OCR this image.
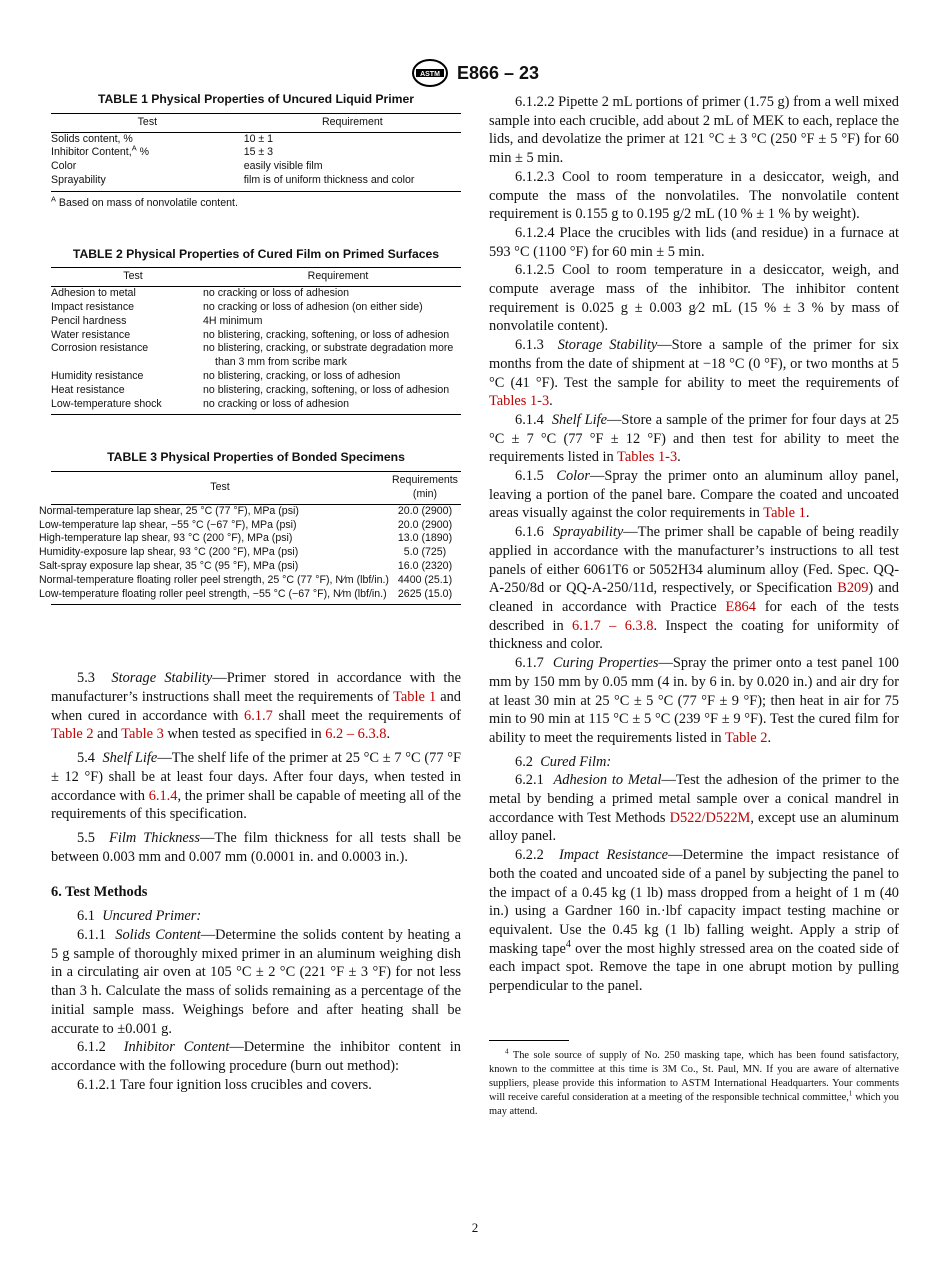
ASTM E866 – 23
TABLE 1 Physical Properties of Uncured Liquid Primer
Test	Requirement
Solids content, %	10 ± 1
Inhibitor Content,$^A$ %	15 ± 3
Color	easily visible film
Sprayability	film is of uniform thickness and color
$^A$ Based on mass of nonvolatile content.
TABLE 2 Physical Properties of Cured Film on Primed Surfaces
Test	Requirement
Adhesion to metal	no cracking or loss of adhesion
Impact resistance	no cracking or loss of adhesion (on either side)
Pencil hardness	4H minimum
Water resistance	no blistering, cracking, softening, or loss of adhesion
Corrosion resistance	no blistering, cracking, or substrate degradation more than 3 mm from scribe mark
Humidity resistance	no blistering, cracking, or loss of adhesion
Heat resistance	no blistering, cracking, softening, or loss of adhesion
Low-temperature shock	no cracking or loss of adhesion
TABLE 3 Physical Properties of Bonded Specimens
Test	Requirements (min)
Normal-temperature lap shear, 25 °C (77 °F), MPa (psi)	20.0 (2900)
Low-temperature lap shear, −55 °C (−67 °F), MPa (psi)	20.0 (2900)
High-temperature lap shear, 93 °C (200 °F), MPa (psi)	13.0 (1890)
Humidity-exposure lap shear, 93 °C (200 °F), MPa (psi)	5.0 (725)
Salt-spray exposure lap shear, 35 °C (95 °F), MPa (psi)	16.0 (2320)
Normal-temperature floating roller peel strength, 25 °C (77 °F), N⁄m (lbf/in.)	4400 (25.1)
Low-temperature floating roller peel strength, −55 °C (−67 °F), N⁄m (lbf/in.)	2625 (15.0)

5.3 Storage Stability—Primer stored in accordance with the manufacturer’s instructions shall meet the requirements of Table 1 and when cured in accordance with 6.1.7 shall meet the requirements of Table 2 and Table 3 when tested as specified in 6.2 – 6.3.8.

5.4 Shelf Life—The shelf life of the primer at 25 °C ± 7 °C (77 °F ± 12 °F) shall be at least four days. After four days, when tested in accordance with 6.1.4, the primer shall be capable of meeting all of the requirements of this specification.

5.5 Film Thickness—The film thickness for all tests shall be between 0.003 mm and 0.007 mm (0.0001 in. and 0.0003 in.).

6. Test Methods

6.1 Uncured Primer:

6.1.1 Solids Content—Determine the solids content by heating a 5 g sample of thoroughly mixed primer in an aluminum weighing dish in a circulating air oven at 105 °C ± 2 °C (221 °F ± 3 °F) for not less than 3 h. Calculate the mass of solids remaining as a percentage of the initial sample mass. Weighings before and after heating shall be accurate to ±0.001 g.

6.1.2 Inhibitor Content—Determine the inhibitor content in accordance with the following procedure (burn out method):

6.1.2.1 Tare four ignition loss crucibles and covers.

6.1.2.2 Pipette 2 mL portions of primer (1.75 g) from a well mixed sample into each crucible, add about 2 mL of MEK to each, replace the lids, and devolatize the primer at 121 °C ± 3 °C (250 °F ± 5 °F) for 60 min ± 5 min.

6.1.2.3 Cool to room temperature in a desiccator, weigh, and compute the mass of the nonvolatiles. The nonvolatile content requirement is 0.155 g to 0.195 g/2 mL (10 % ± 1 % by weight).

6.1.2.4 Place the crucibles with lids (and residue) in a furnace at 593 °C (1100 °F) for 60 min ± 5 min.

6.1.2.5 Cool to room temperature in a desiccator, weigh, and compute average mass of the inhibitor. The inhibitor content requirement is 0.025 g ± 0.003 g⁄2 mL (15 % ± 3 % by mass of nonvolatile content).

6.1.3 Storage Stability—Store a sample of the primer for six months from the date of shipment at −18 °C (0 °F), or two months at 5 °C (41 °F). Test the sample for ability to meet the requirements of Tables 1-3.

6.1.4 Shelf Life—Store a sample of the primer for four days at 25 °C ± 7 °C (77 °F ± 12 °F) and then test for ability to meet the requirements listed in Tables 1-3.

6.1.5 Color—Spray the primer onto an aluminum alloy panel, leaving a portion of the panel bare. Compare the coated and uncoated areas visually against the color requirements in Table 1.

6.1.6 Sprayability—The primer shall be capable of being readily applied in accordance with the manufacturer’s instructions to all test panels of either 6061T6 or 5052H34 aluminum alloy (Fed. Spec. QQ-A-250/8d or QQ-A-250/11d, respectively, or Specification B209) and cleaned in accordance with Practice E864 for each of the tests described in 6.1.7 – 6.3.8. Inspect the coating for uniformity of thickness and color.

6.1.7 Curing Properties—Spray the primer onto a test panel 100 mm by 150 mm by 0.05 mm (4 in. by 6 in. by 0.020 in.) and air dry for at least 30 min at 25 °C ± 5 °C (77 °F ± 9 °F); then heat in air for 75 min to 90 min at 115 °C ± 5 °C (239 °F ± 9 °F). Test the cured film for ability to meet the requirements listed in Table 2.

6.2 Cured Film:

6.2.1 Adhesion to Metal—Test the adhesion of the primer to the metal by bending a primed metal sample over a conical mandrel in accordance with Test Methods D522/D522M, except use an aluminum alloy panel.

6.2.2 Impact Resistance—Determine the impact resistance of both the coated and uncoated side of a panel by subjecting the panel to the impact of a 0.45 kg (1 lb) mass dropped from a height of 1 m (40 in.) using a Gardner 160 in.·lbf capacity impact testing machine or equivalent. Use the 0.45 kg (1 lb) falling weight. Apply a strip of masking tape$^4$ over the most highly stressed area on the coated side of each impact spot. Remove the tape in one abrupt motion by pulling perpendicular to the panel.

$^4$ The sole source of supply of No. 250 masking tape, which has been found satisfactory, known to the committee at this time is 3M Co., St. Paul, MN. If you are aware of alternative suppliers, please provide this information to ASTM International Headquarters. Your comments will receive careful consideration at a meeting of the responsible technical committee,$^1$ which you may attend.

2
